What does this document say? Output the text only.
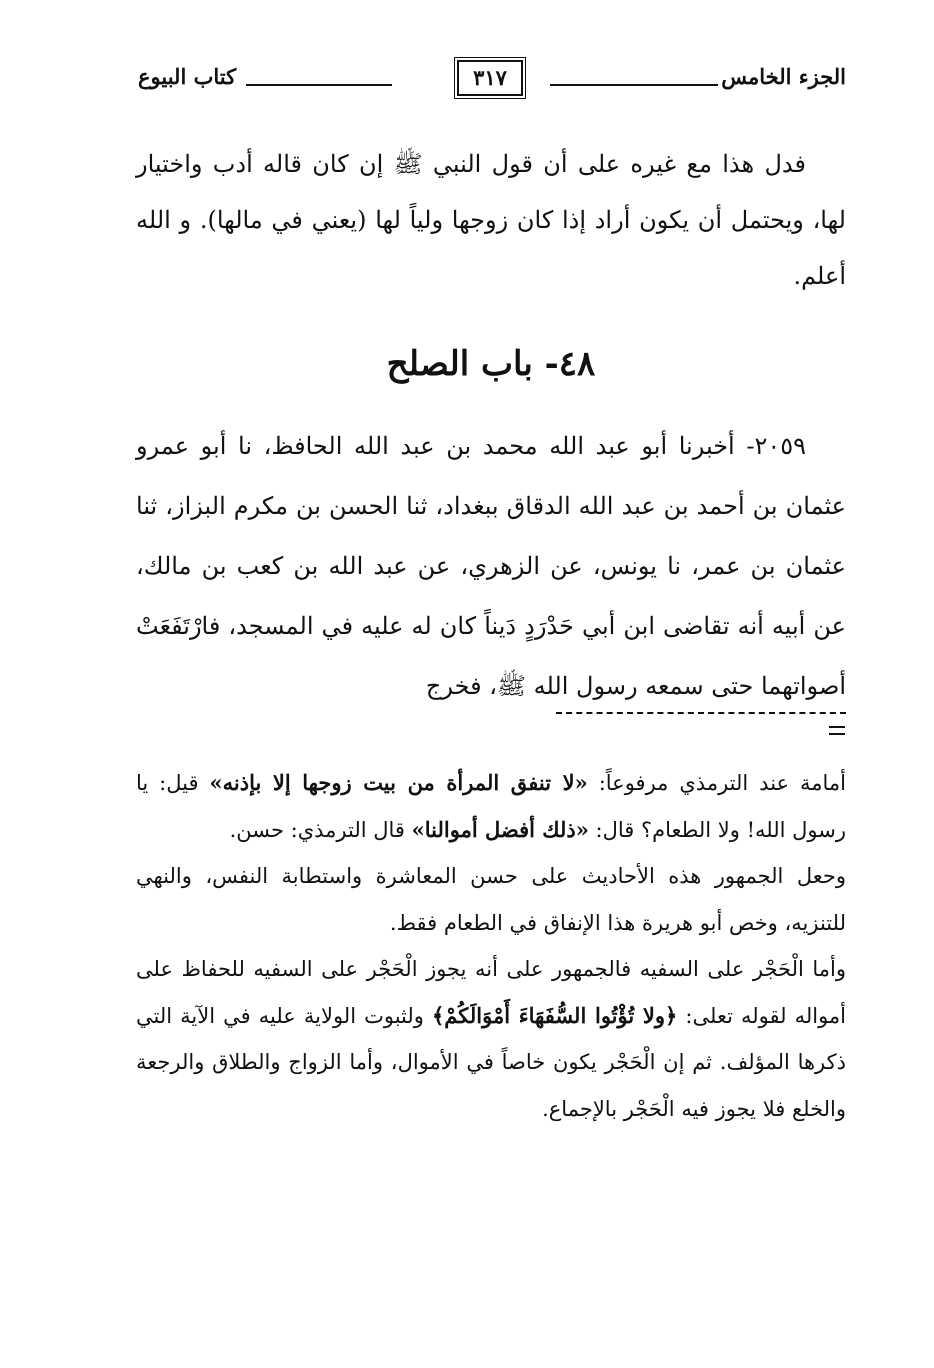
الجزء الخامس
٣١٧
كتاب البيوع

فدل هذا مع غيره على أن قول النبي ﷺ إن كان قاله أدب واختيار لها، ويحتمل أن يكون أراد إذا كان زوجها ولياً لها (يعني في مالها). و الله أعلم.

٤٨- باب الصلح

٢٠٥٩- أخبرنا أبو عبد الله محمد بن عبد الله الحافظ، نا أبو عمرو عثمان بن أحمد بن عبد الله الدقاق ببغداد، ثنا الحسن بن مكرم البزاز، ثنا عثمان بن عمر، نا يونس، عن الزهري، عن عبد الله بن كعب بن مالك، عن أبيه أنه تقاضى ابن أبي حَدْرَدٍ دَيناً كان له عليه في المسجد، فارْتَفَعَتْ أصواتهما حتى سمعه رسول الله ﷺ، فخرج

أمامة عند الترمذي مرفوعاً: «لا تنفق المرأة من بيت زوجها إلا بإذنه» قيل: يا رسول الله! ولا الطعام؟ قال: «ذلك أفضل أموالنا» قال الترمذي: حسن.

وحعل الجمهور هذه الأحاديث على حسن المعاشرة واستطابة النفس، والنهي للتنزيه، وخص أبو هريرة هذا الإنفاق في الطعام فقط.

وأما الْحَجْر على السفيه فالجمهور على أنه يجوز الْحَجْر على السفيه للحفاظ على أمواله لقوله تعلى: ﴿ولا تُؤْتُوا السُّفَهَاءَ أَمْوَالَكُمْ﴾ ولثبوت الولاية عليه في الآية التي ذكرها المؤلف. ثم إن الْحَجْر يكون خاصاً في الأموال، وأما الزواج والطلاق والرجعة والخلع فلا يجوز فيه الْحَجْر بالإجماع.
